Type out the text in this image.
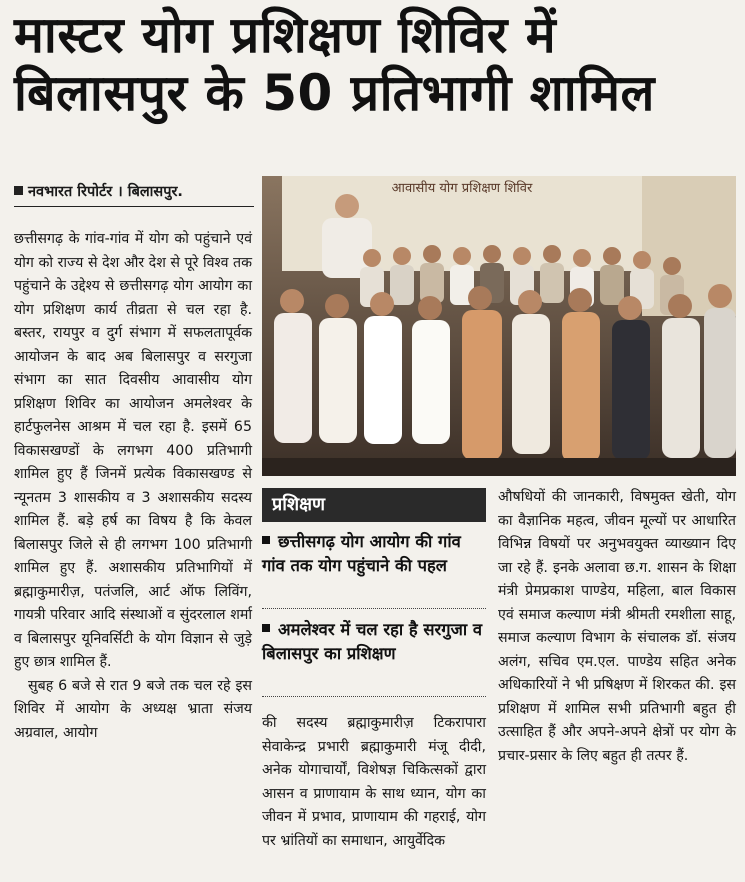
मास्टर योग प्रशिक्षण शिविर में
बिलासपुर के 50 प्रतिभागी शामिल
नवभारत रिपोर्टर । बिलासपुर.

छत्तीसगढ़ के गांव-गांव में योग को पहुंचाने एवं योग को राज्य से देश और देश से पूरे विश्व तक पहुंचाने के उद्देश्य से छत्तीसगढ़ योग आयोग का योग प्रशिक्षण कार्य तीव्रता से चल रहा है. बस्तर, रायपुर व दुर्ग संभाग में सफलतापूर्वक आयोजन के बाद अब बिलासपुर व सरगुजा संभाग का सात दिवसीय आवासीय योग प्रशिक्षण शिविर का आयोजन अमलेश्वर के हार्टफुलनेस आश्रम में चल रहा है. इसमें 65 विकासखण्डों के लगभग 400 प्रतिभागी शामिल हुए हैं जिनमें प्रत्येक विकासखण्ड से न्यूनतम 3 शासकीय व 3 अशासकीय सदस्य शामिल हैं. बड़े हर्ष का विषय है कि केवल बिलासपुर जिले से ही लगभग 100 प्रतिभागी शामिल हुए हैं. अशासकीय प्रतिभागियों में ब्रह्माकुमारीज़, पतंजलि, आर्ट ऑफ लिविंग, गायत्री परिवार आदि संस्थाओं व सुंदरलाल शर्मा व बिलासपुर यूनिवर्सिटी के योग विज्ञान से जुड़े हुए छात्र शामिल हैं.

सुबह 6 बजे से रात 9 बजे तक चल रहे इस शिविर में आयोग के अध्यक्ष भ्राता संजय अग्रवाल, आयोग

आवासीय योग प्रशिक्षण शिविर
प्रशिक्षण
छत्तीसगढ़ योग आयोग की गांव गांव तक योग पहुंचाने की पहल
अमलेश्वर में चल रहा है सरगुजा व बिलासपुर का प्रशिक्षण

की सदस्य ब्रह्माकुमारीज़ टिकरापारा सेवाकेन्द्र प्रभारी ब्रह्माकुमारी मंजू दीदी, अनेक योगाचार्यों, विशेषज्ञ चिकित्सकों द्वारा आसन व प्राणायाम के साथ ध्यान, योग का जीवन में प्रभाव, प्राणायाम की गहराई, योग पर भ्रांतियों का समाधान, आयुर्वेदिक

औषधियों की जानकारी, विषमुक्त खेती, योग का वैज्ञानिक महत्व, जीवन मूल्यों पर आधारित विभिन्न विषयों पर अनुभवयुक्त व्याख्यान दिए जा रहे हैं. इनके अलावा छ.ग. शासन के शिक्षा मंत्री प्रेमप्रकाश पाण्डेय, महिला, बाल विकास एवं समाज कल्याण मंत्री श्रीमती रमशीला साहू, समाज कल्याण विभाग के संचालक डॉ. संजय अलंग, सचिव एम.एल. पाण्डेय सहित अनेक अधिकारियों ने भी प्रषिक्षण में शिरकत की. इस प्रशिक्षण में शामिल सभी प्रतिभागी बहुत ही उत्साहित हैं और अपने-अपने क्षेत्रों पर योग के प्रचार-प्रसार के लिए बहुत ही तत्पर हैं.
